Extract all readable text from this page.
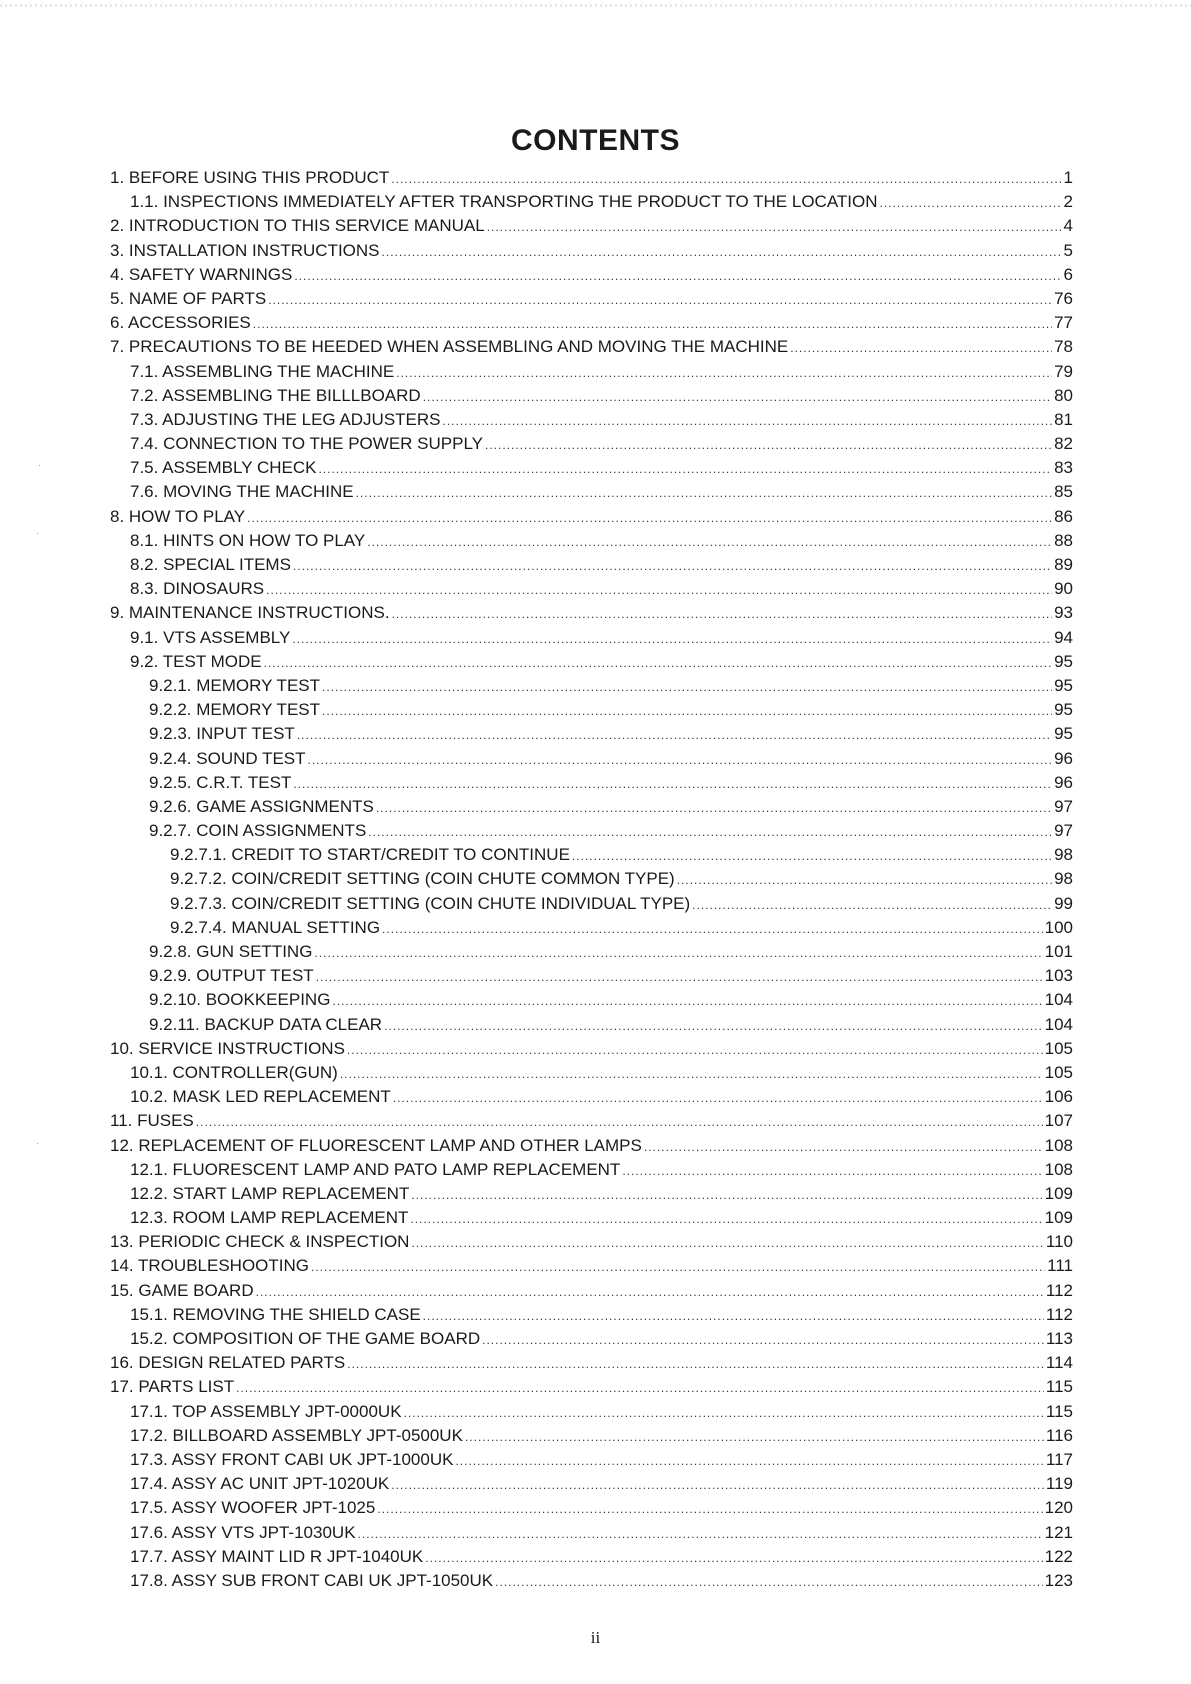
CONTENTS
1. BEFORE USING THIS PRODUCT .....	1
1.1. INSPECTIONS IMMEDIATELY AFTER TRANSPORTING THE PRODUCT TO THE LOCATION .....	2
2. INTRODUCTION TO THIS SERVICE MANUAL .....	4
3. INSTALLATION INSTRUCTIONS .....	5
4. SAFETY WARNINGS .....	6
5. NAME OF PARTS .....	76
6. ACCESSORIES .....	77
7. PRECAUTIONS TO BE HEEDED WHEN ASSEMBLING AND MOVING THE MACHINE .....	78
7.1. ASSEMBLING THE MACHINE .....	79
7.2. ASSEMBLING THE BILLLBOARD .....	80
7.3. ADJUSTING THE LEG ADJUSTERS .....	81
7.4. CONNECTION TO THE POWER SUPPLY .....	82
7.5. ASSEMBLY CHECK .....	83
7.6. MOVING THE MACHINE .....	85
8. HOW TO PLAY .....	86
8.1. HINTS ON HOW TO PLAY .....	88
8.2. SPECIAL ITEMS .....	89
8.3. DINOSAURS .....	90
9. MAINTENANCE INSTRUCTIONS. .....	93
9.1. VTS ASSEMBLY .....	94
9.2. TEST MODE .....	95
9.2.1. MEMORY TEST .....	95
9.2.2. MEMORY TEST .....	95
9.2.3. INPUT TEST .....	95
9.2.4. SOUND TEST .....	96
9.2.5. C.R.T. TEST .....	96
9.2.6. GAME ASSIGNMENTS .....	97
9.2.7. COIN ASSIGNMENTS .....	97
9.2.7.1. CREDIT TO START/CREDIT TO CONTINUE .....	98
9.2.7.2. COIN/CREDIT SETTING (COIN CHUTE COMMON TYPE) .....	98
9.2.7.3. COIN/CREDIT SETTING (COIN CHUTE INDIVIDUAL TYPE) .....	99
9.2.7.4. MANUAL SETTING .....	100
9.2.8. GUN SETTING .....	101
9.2.9. OUTPUT TEST .....	103
9.2.10. BOOKKEEPING .....	104
9.2.11. BACKUP DATA CLEAR .....	104
10. SERVICE INSTRUCTIONS .....	105
10.1. CONTROLLER(GUN) .....	105
10.2. MASK LED REPLACEMENT .....	106
11. FUSES .....	107
12. REPLACEMENT OF FLUORESCENT LAMP AND OTHER LAMPS .....	108
12.1. FLUORESCENT LAMP AND PATO LAMP REPLACEMENT .....	108
12.2. START LAMP REPLACEMENT .....	109
12.3. ROOM LAMP REPLACEMENT .....	109
13. PERIODIC CHECK & INSPECTION .....	110
14. TROUBLESHOOTING .....	111
15. GAME BOARD .....	112
15.1. REMOVING THE SHIELD CASE .....	112
15.2. COMPOSITION OF THE GAME BOARD .....	113
16. DESIGN RELATED PARTS .....	114
17. PARTS LIST .....	115
17.1. TOP ASSEMBLY JPT-0000UK .....	115
17.2. BILLBOARD ASSEMBLY JPT-0500UK .....	116
17.3. ASSY FRONT CABI UK JPT-1000UK .....	117
17.4. ASSY AC UNIT JPT-1020UK .....	119
17.5. ASSY WOOFER JPT-1025 .....	120
17.6. ASSY VTS JPT-1030UK .....	121
17.7. ASSY MAINT LID R JPT-1040UK .....	122
17.8. ASSY SUB FRONT CABI UK JPT-1050UK .....	123
ii
·
·
·
